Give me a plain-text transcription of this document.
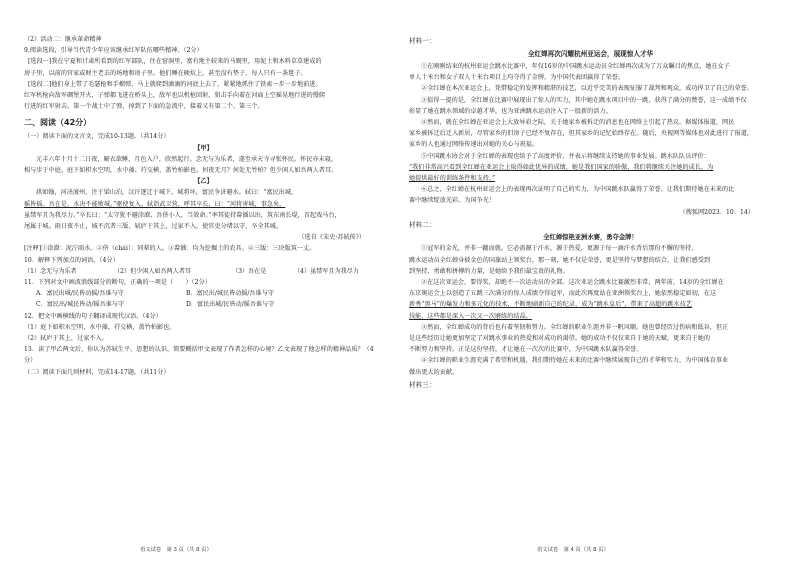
（2）活动二：继承革命精神
9.阅读选段，引导当代青少年应该继承红军队伍哪些精神。（2分）
[选段一]我在宁夏和甘肃所看到的红军部队，住在窑洞里，富有地主较来的马厩里，用泥土和木料草草建成的
房子里，以前的官家或财主老去的场地和房子里。他们睡在硬炕上，甚至没有垫子，每人只有一条毯子。
[选段二]他们身上带了毛瑟枪和手榴弹，马上就爬到滴滴的河底上去了，紧紧地抓住了铁索一步一步地前进。
红军机枪向敌军碉堡开火，子弹都飞进在桥头上，敌军也以机枪回射，狙击手向着在河面上空摇晃地行进的慢爬
行进的红军射击。第一个战士中了弹，掉到了下面的急流中，接着又有第二个、第三个。
二、阅读（42分）
（一）阅读下面的文言文，完成10-13题。（共14分）
【甲】
元丰六年十月十二日夜，解衣欲睡，月色入户，欣然起行。念无与为乐者，遂至承天寺寻张怀民。怀民亦未寝，
相与步于中庭。庭下如积水空明，水中藻、荇交横，盖竹柏影也。何夜无月？何处无竹柏？但少闲人如吾两人者耳。
【乙】
拱如翰，河决澶州，注于梁山泊，汉汗逐迁于城下，城将坏，富民争济避水。轼曰：“富民出城，
摇皆摇。吾在是，水决不能败城。”驱使复入。轼诣武卫营，呼其卒长，曰：“河将害城，事急矣，
虽禁军且为我尽力。”卒长曰：“太守犹不避涂潦，吾侪小人，当效命。”率其徒持畚锸以出，筑东南长堤，首起戏马台，
尾属于城。雨日夜不止，城不沉者三版。轼庐于其上，过家不入，使官吏分堵以守，卒全其城。
（选自《宋史·苏轼传》）
[注释]①涂潦：泥泞雨水。②侪（chái）：同辈的人。③畚锸：均为挖掘土的农具。④三版：三块版筑一丈。
10．解释下列加点的词语。（4分）
（1）念无与为乐者	（2）但少闲人如吾两人者耳	（3）吾在是	（4）虽禁军且为我尽力
11．下列对文中画波浪线部分的断句，正确的一项是（　　）（2分）
A．富民出城/民皆动摇/吾谁与守	B．富民出/城民皆动摇/吾谁与守
C．富民出/城民皆动/摇吾谁与守	D．富民出城/民皆动/摇吾谁与守
12．把文中画横线的句子翻译成现代汉语。（4分）
（1）庭下如积水空明，水中藻、荇交横，盖竹柏影也。
（2）轼庐于其上，过家不入。
13．读了甲乙两文后，你认为苏轼生平、思想的认识，简要概括甲文表现了作者怎样的心境？乙文表现了他怎样的精神品质？（4
分）
（二）阅读下面几则材料，完成14-17题。（共11分）
语文试卷　第 3 页（共 8 页）
材料一：
全红婵再次闪耀杭州亚运会，展现惊人才华
①在刚刚结束的杭州亚运会跳水比赛中，年仅16岁的中国跳水运动员全红婵再次成为了万众瞩目的焦点，她在女子
单人十米台和女子双人十米台项目上均夺得了金牌，为中国代表团赢得了荣誉。
②全红婵在本次亚运会上，凭借稳定的发挥和精湛的技艺，以近乎完美的表现征服了裁判和观众，成功捍卫了自己的荣誉。
③值得一提的是，全红婵在比赛中展现出了惊人的实力，其中她在跳水项目中的一跳，获得了满分的赞誉，这一成绩不仅
彰显了她在跳水领域的卓越才华，也为亚洲跳水运动注入了一股新的活力。
④然而，就在全红婵在亚运会上大放异彩之际，关于她家乡被拆迁的消息也在网络上引起了热议。据媒体报道，网民
家乡被拆迁后迁入新居，尽管家乡的旧房子已经不复存在，但其家乡的记忆始终存在。随后，央视网等媒体也对此进行了报道，
家乡的人也通过网络传递出对她的关心与祝福。
⑤中国跳水协会对于全红婵的表现也给予了高度评价，并表示将继续支持她的事业发展。跳水队队员评价：
“我们非常高兴看到全红婵在亚运会上取得如此优异的成绩，她是我们国家的骄傲，我们将继续关注她的成长，为
她提供最好的训练条件和支持。”
⑥总之，全红婵在杭州亚运会上的表现再次证明了自己的实力，为中国跳水队赢得了荣誉。让我们期待她在未来的比
赛中继续绽放光彩，为国争光！
（搜狐网2023．10．14）
材料二：
全红婵惊艳亚洲水赛，勇夺金牌！
①冠军的金光，并非一蹴而就。它必需源于汗水，源于热爱，更源于每一滴汗水背后那份不懈的坚持。
跳水运动员全红婵身披金色的国旗站上领奖台，那一刻，她不仅是荣誉，更是坚持与梦想的结合，让我们感受到
到坚持、勇敢和拼搏的力量，是她给予我们最宝贵的礼物。
②在这次亚运会，要得奖，却绝不一次运动员的全部。这次亚运会跳水比赛激烈非常，两年前，14岁的全红婵在
东京奥运会上以创造了五跳三次满分的惊人成绩夺得冠军，而此次再度站在亚洲领奖台上，她依然稳定如初，在这
新秀“黑马”的爆发力和多元化的技术，不断地刷新自己的纪录，成为“跳水皇后”，带来了高超的跳水技艺
技能，这些都是深入一次又一次磨练的结晶。
③然而，全红婵成功的背后也有着坚韧和努力。全红婵的职业生涯并非一帆风顺。她也曾经历过伤病和低谷，但正
是这些经历让她更加坚定了对跳水事业的热爱和对成功的渴望。她的成功不仅仅来自于她的天赋，更来自于她的
不断努力和坚持。正是这份坚持，才让她在一次次的比赛中，为中国跳水队赢得荣誉。
④全红婵的职业生涯充满了希望和机遇，我们期待她在未来的比赛中继续展现自己的才华和实力，为中国体育事业
做出更大的贡献。
材料三：
语文试卷　第 4 页（共 8 页）
